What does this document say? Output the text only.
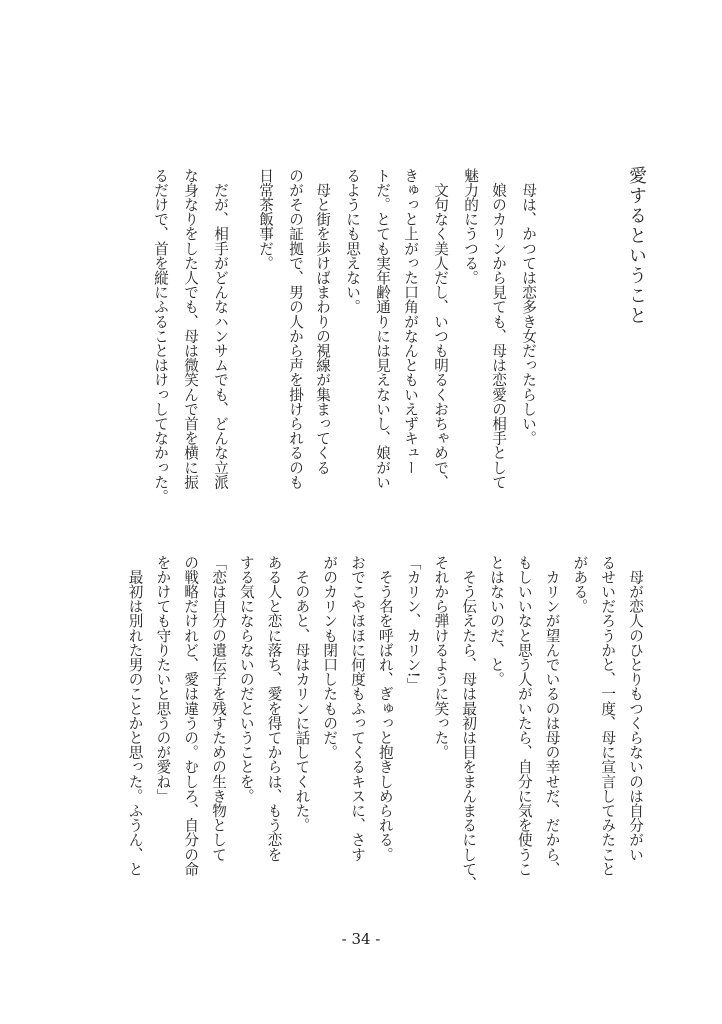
愛するということ
　母は、かつては恋多き女だったらしい。
　娘のカリンから見ても、母は恋愛の相手として
魅力的にうつる。
　文句なく美人だし、いつも明るくおちゃめで、
きゅっと上がった口角がなんともいえずキュー
トだ。とても実年齢通りには見えないし、娘がい
るようにも思えない。
　母と街を歩けばまわりの視線が集まってくる
のがその証拠で、男の人から声を掛けられるのも
日常茶飯事だ。
　だが、相手がどんなハンサムでも、どんな立派
な身なりをした人でも、母は微笑んで首を横に振
るだけで、首を縦にふることはけっしてなかった。
　母が恋人のひとりもつくらないのは自分がい
るせいだろうかと、一度、母に宣言してみたこと
がある。
　カリンが望んでいるのは母の幸せだ、だから、
もしいいなと思う人がいたら、自分に気を使うこ
とはないのだ、と。
　そう伝えたら、母は最初は目をまんまるにして、
それから弾けるように笑った。
「カリン、カリン!」
　そう名を呼ばれ、ぎゅっと抱きしめられる。
おでこやほほに何度もふってくるキスに、さす
がのカリンも閉口したものだ。
　そのあと、母はカリンに話してくれた。
ある人と恋に落ち、愛を得てからは、もう恋を
する気にならないのだということを。
「恋は自分の遺伝子を残すための生き物として
の戦略だけれど、愛は違うの。むしろ、自分の命
をかけても守りたいと思うのが愛ね」
　最初は別れた男のことかと思った。ふうん、と
- 34 -
